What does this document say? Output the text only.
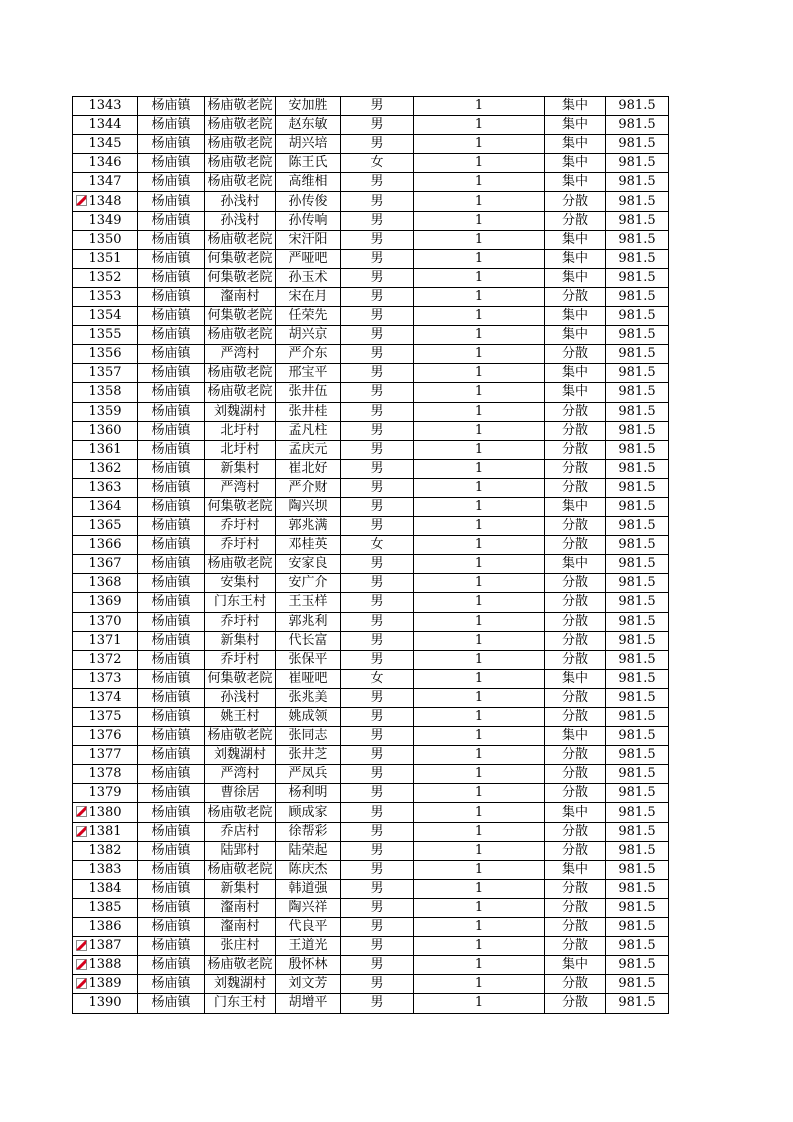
1343	杨庙镇	杨庙敬老院	安加胜	男	1	集中	981.5
1344	杨庙镇	杨庙敬老院	赵东敏	男	1	集中	981.5
1345	杨庙镇	杨庙敬老院	胡兴培	男	1	集中	981.5
1346	杨庙镇	杨庙敬老院	陈王氏	女	1	集中	981.5
1347	杨庙镇	杨庙敬老院	高维相	男	1	集中	981.5
1348	杨庙镇	孙浅村	孙传俊	男	1	分散	981.5
1349	杨庙镇	孙浅村	孙传响	男	1	分散	981.5
1350	杨庙镇	杨庙敬老院	宋汗阳	男	1	集中	981.5
1351	杨庙镇	何集敬老院	严哑吧	男	1	集中	981.5
1352	杨庙镇	何集敬老院	孙玉术	男	1	集中	981.5
1353	杨庙镇	瀣南村	宋在月	男	1	分散	981.5
1354	杨庙镇	何集敬老院	任荣先	男	1	集中	981.5
1355	杨庙镇	杨庙敬老院	胡兴京	男	1	集中	981.5
1356	杨庙镇	严湾村	严介东	男	1	分散	981.5
1357	杨庙镇	杨庙敬老院	邢宝平	男	1	集中	981.5
1358	杨庙镇	杨庙敬老院	张井伍	男	1	集中	981.5
1359	杨庙镇	刘魏湖村	张井桂	男	1	分散	981.5
1360	杨庙镇	北圩村	孟凡柱	男	1	分散	981.5
1361	杨庙镇	北圩村	孟庆元	男	1	分散	981.5
1362	杨庙镇	新集村	崔北好	男	1	分散	981.5
1363	杨庙镇	严湾村	严介财	男	1	分散	981.5
1364	杨庙镇	何集敬老院	陶兴坝	男	1	集中	981.5
1365	杨庙镇	乔圩村	郭兆满	男	1	分散	981.5
1366	杨庙镇	乔圩村	邓桂英	女	1	分散	981.5
1367	杨庙镇	杨庙敬老院	安家良	男	1	集中	981.5
1368	杨庙镇	安集村	安广介	男	1	分散	981.5
1369	杨庙镇	门东王村	王玉样	男	1	分散	981.5
1370	杨庙镇	乔圩村	郭兆利	男	1	分散	981.5
1371	杨庙镇	新集村	代长富	男	1	分散	981.5
1372	杨庙镇	乔圩村	张保平	男	1	分散	981.5
1373	杨庙镇	何集敬老院	崔哑吧	女	1	集中	981.5
1374	杨庙镇	孙浅村	张兆美	男	1	分散	981.5
1375	杨庙镇	姚王村	姚成领	男	1	分散	981.5
1376	杨庙镇	杨庙敬老院	张同志	男	1	集中	981.5
1377	杨庙镇	刘魏湖村	张井芝	男	1	分散	981.5
1378	杨庙镇	严湾村	严凤兵	男	1	分散	981.5
1379	杨庙镇	曹徐居	杨利明	男	1	分散	981.5
1380	杨庙镇	杨庙敬老院	顾成家	男	1	集中	981.5
1381	杨庙镇	乔店村	徐帮彩	男	1	分散	981.5
1382	杨庙镇	陆郢村	陆荣起	男	1	分散	981.5
1383	杨庙镇	杨庙敬老院	陈庆杰	男	1	集中	981.5
1384	杨庙镇	新集村	韩道强	男	1	分散	981.5
1385	杨庙镇	瀣南村	陶兴祥	男	1	分散	981.5
1386	杨庙镇	瀣南村	代良平	男	1	分散	981.5
1387	杨庙镇	张庄村	王道光	男	1	分散	981.5
1388	杨庙镇	杨庙敬老院	殷怀林	男	1	集中	981.5
1389	杨庙镇	刘魏湖村	刘文芳	男	1	分散	981.5
1390	杨庙镇	门东王村	胡增平	男	1	分散	981.5
